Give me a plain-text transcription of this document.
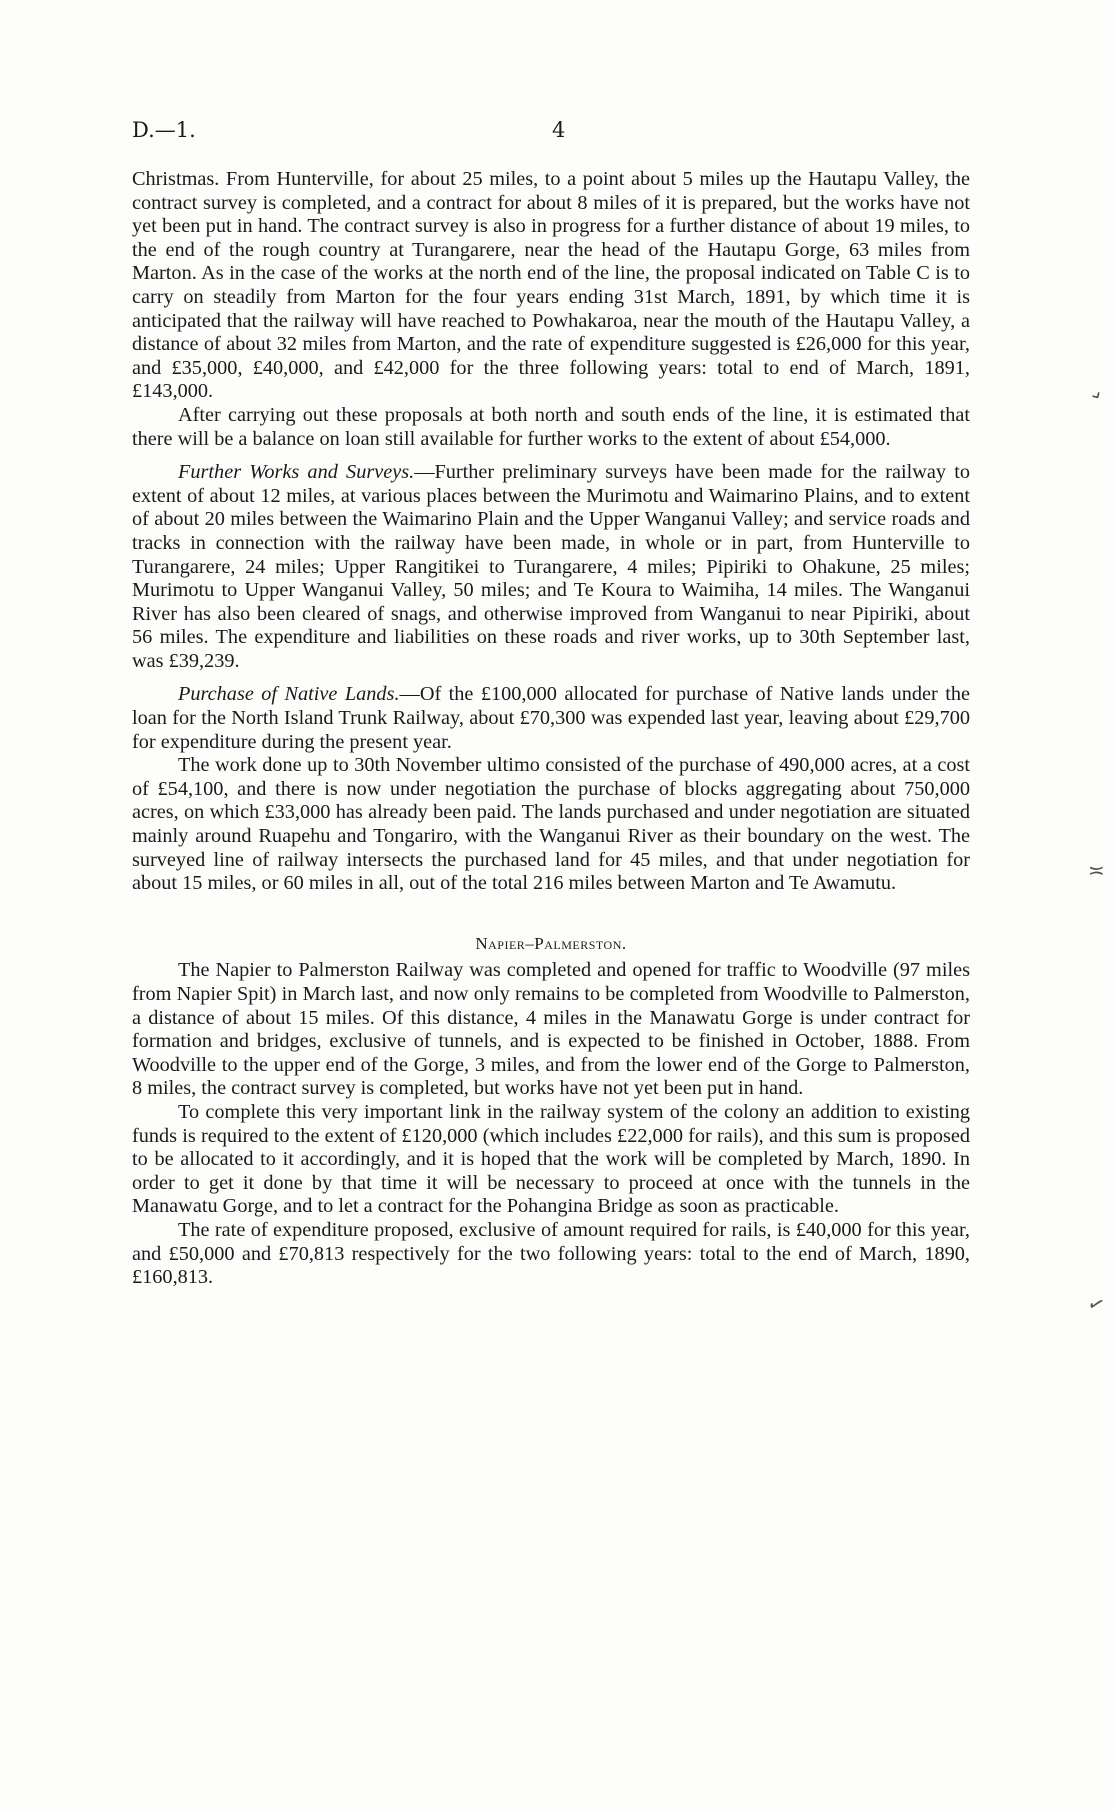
D.—1.	4

Christmas. From Hunterville, for about 25 miles, to a point about 5 miles up the Hautapu Valley, the contract survey is completed, and a contract for about 8 miles of it is prepared, but the works have not yet been put in hand. The contract survey is also in progress for a further distance of about 19 miles, to the end of the rough country at Turangarere, near the head of the Hautapu Gorge, 63 miles from Marton. As in the case of the works at the north end of the line, the proposal indicated on Table C is to carry on steadily from Marton for the four years ending 31st March, 1891, by which time it is anticipated that the railway will have reached to Powhakaroa, near the mouth of the Hautapu Valley, a distance of about 32 miles from Marton, and the rate of expenditure suggested is £26,000 for this year, and £35,000, £40,000, and £42,000 for the three following years: total to end of March, 1891, £143,000.

After carrying out these proposals at both north and south ends of the line, it is estimated that there will be a balance on loan still available for further works to the extent of about £54,000.

Further Works and Surveys.—Further preliminary surveys have been made for the railway to extent of about 12 miles, at various places between the Murimotu and Waimarino Plains, and to extent of about 20 miles between the Waimarino Plain and the Upper Wanganui Valley; and service roads and tracks in connection with the railway have been made, in whole or in part, from Hunterville to Turangarere, 24 miles; Upper Rangitikei to Turangarere, 4 miles; Pipiriki to Ohakune, 25 miles; Murimotu to Upper Wanganui Valley, 50 miles; and Te Koura to Waimiha, 14 miles. The Wanganui River has also been cleared of snags, and otherwise improved from Wanganui to near Pipiriki, about 56 miles. The expenditure and liabilities on these roads and river works, up to 30th September last, was £39,239.

Purchase of Native Lands.—Of the £100,000 allocated for purchase of Native lands under the loan for the North Island Trunk Railway, about £70,300 was expended last year, leaving about £29,700 for expenditure during the present year.

The work done up to 30th November ultimo consisted of the purchase of 490,000 acres, at a cost of £54,100, and there is now under negotiation the purchase of blocks aggregating about 750,000 acres, on which £33,000 has already been paid. The lands purchased and under negotiation are situated mainly around Ruapehu and Tongariro, with the Wanganui River as their boundary on the west. The surveyed line of railway intersects the purchased land for 45 miles, and that under negotiation for about 15 miles, or 60 miles in all, out of the total 216 miles between Marton and Te Awamutu.

Napier–Palmerston.

The Napier to Palmerston Railway was completed and opened for traffic to Woodville (97 miles from Napier Spit) in March last, and now only remains to be completed from Woodville to Palmerston, a distance of about 15 miles. Of this distance, 4 miles in the Manawatu Gorge is under contract for formation and bridges, exclusive of tunnels, and is expected to be finished in October, 1888. From Woodville to the upper end of the Gorge, 3 miles, and from the lower end of the Gorge to Palmerston, 8 miles, the contract survey is completed, but works have not yet been put in hand.

To complete this very important link in the railway system of the colony an addition to existing funds is required to the extent of £120,000 (which includes £22,000 for rails), and this sum is proposed to be allocated to it accordingly, and it is hoped that the work will be completed by March, 1890. In order to get it done by that time it will be necessary to proceed at once with the tunnels in the Manawatu Gorge, and to let a contract for the Pohangina Bridge as soon as practicable.

The rate of expenditure proposed, exclusive of amount required for rails, is £40,000 for this year, and £50,000 and £70,813 respectively for the two following years: total to the end of March, 1890, £160,813.

⌄
≍
✓
